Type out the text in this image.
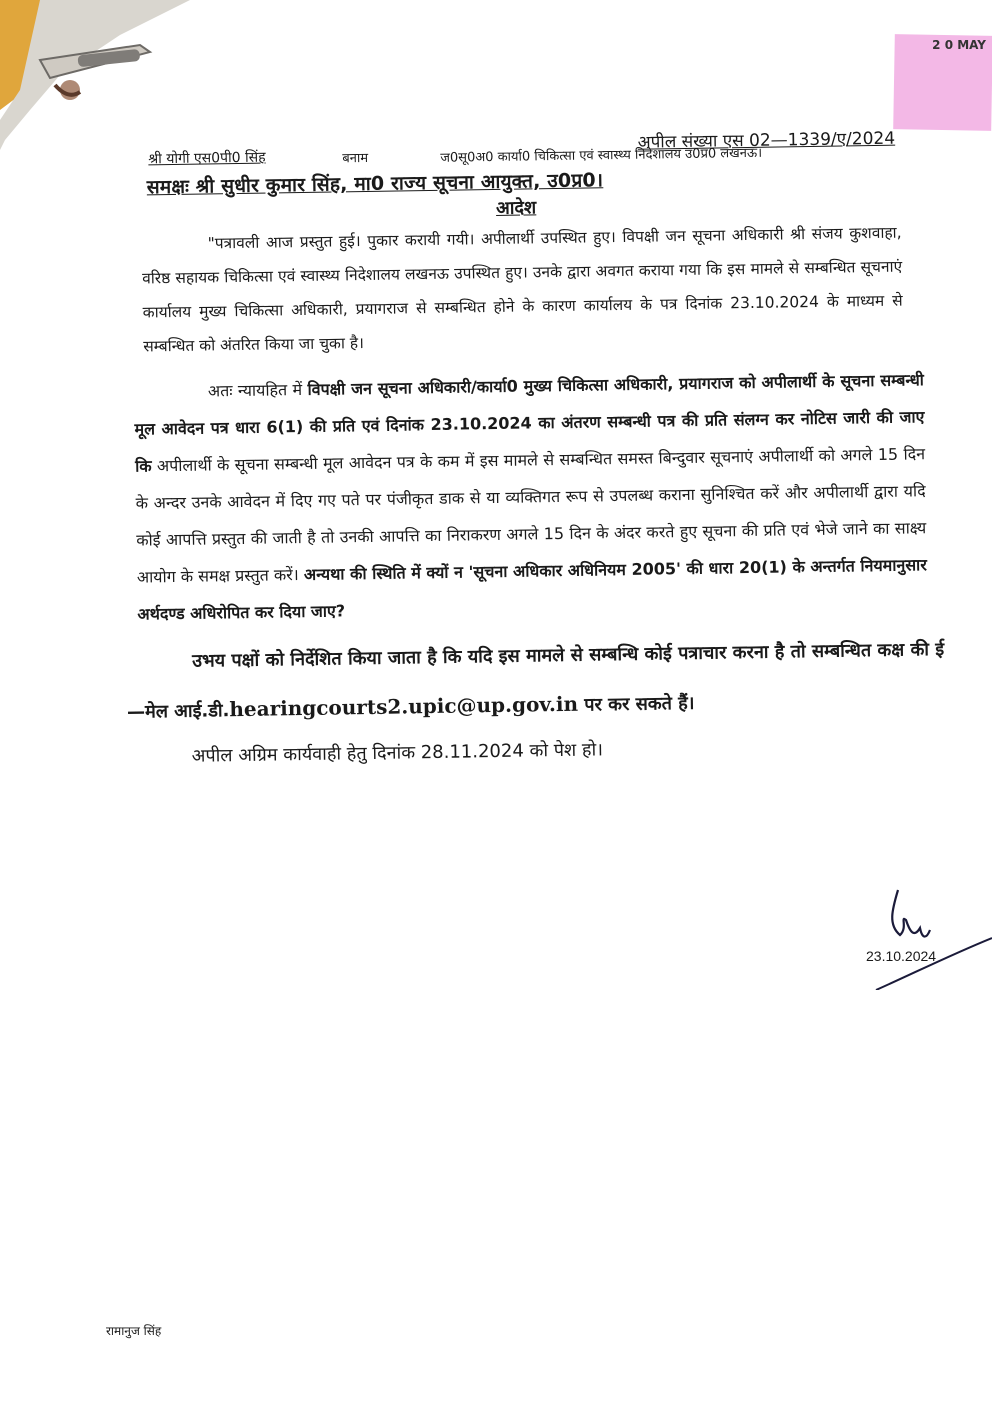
2 0 MAY
श्री योगी एस0पी0 सिंह	बनाम	ज0सू0अ0 कार्या0 चिकित्सा एवं स्वास्थ्य निदेशालय उ0प्र0 लखनऊ।
अपील संख्या एस 02—1339/ए/2024
समक्षः श्री सुधीर कुमार सिंह, मा0 राज्य सूचना आयुक्त, उ0प्र0।
आदेश
"पत्रावली आज प्रस्तुत हुई। पुकार करायी गयी। अपीलार्थी उपस्थित हुए। विपक्षी जन सूचना अधिकारी श्री संजय कुशवाहा, वरिष्ठ सहायक चिकित्सा एवं स्वास्थ्य निदेशालय लखनऊ उपस्थित हुए। उनके द्वारा अवगत कराया गया कि इस मामले से सम्बन्धित सूचनाएं कार्यालय मुख्य चिकित्सा अधिकारी, प्रयागराज से सम्बन्धित होने के कारण कार्यालय के पत्र दिनांक 23.10.2024 के माध्यम से सम्बन्धित को अंतरित किया जा चुका है।
अतः न्यायहित में विपक्षी जन सूचना अधिकारी/कार्या0 मुख्य चिकित्सा अधिकारी, प्रयागराज को अपीलार्थी के सूचना सम्बन्धी मूल आवेदन पत्र धारा 6(1) की प्रति एवं दिनांक 23.10.2024 का अंतरण सम्बन्धी पत्र की प्रति संलग्न कर नोटिस जारी की जाए कि अपीलार्थी के सूचना सम्बन्धी मूल आवेदन पत्र के कम में इस मामले से सम्बन्धित समस्त बिन्दुवार सूचनाएं अपीलार्थी को अगले 15 दिन के अन्दर उनके आवेदन में दिए गए पते पर पंजीकृत डाक से या व्यक्तिगत रूप से उपलब्ध कराना सुनिश्चित करें और अपीलार्थी द्वारा यदि कोई आपत्ति प्रस्तुत की जाती है तो उनकी आपत्ति का निराकरण अगले 15 दिन के अंदर करते हुए सूचना की प्रति एवं भेजे जाने का साक्ष्य आयोग के समक्ष प्रस्तुत करें। अन्यथा की स्थिति में क्यों न 'सूचना अधिकार अधिनियम 2005' की धारा 20(1) के अन्तर्गत नियमानुसार अर्थदण्ड अधिरोपित कर दिया जाए?
उभय पक्षों को निर्देशित किया जाता है कि यदि इस मामले से सम्बन्धि कोई पत्राचार करना है तो सम्बन्धित कक्ष की ई—मेल आई.डी.hearingcourts2.upic@up.gov.in पर कर सकते हैं।
अपील अग्रिम कार्यवाही हेतु दिनांक 28.11.2024 को पेश हो।
23.10.2024
रामानुज सिंह
